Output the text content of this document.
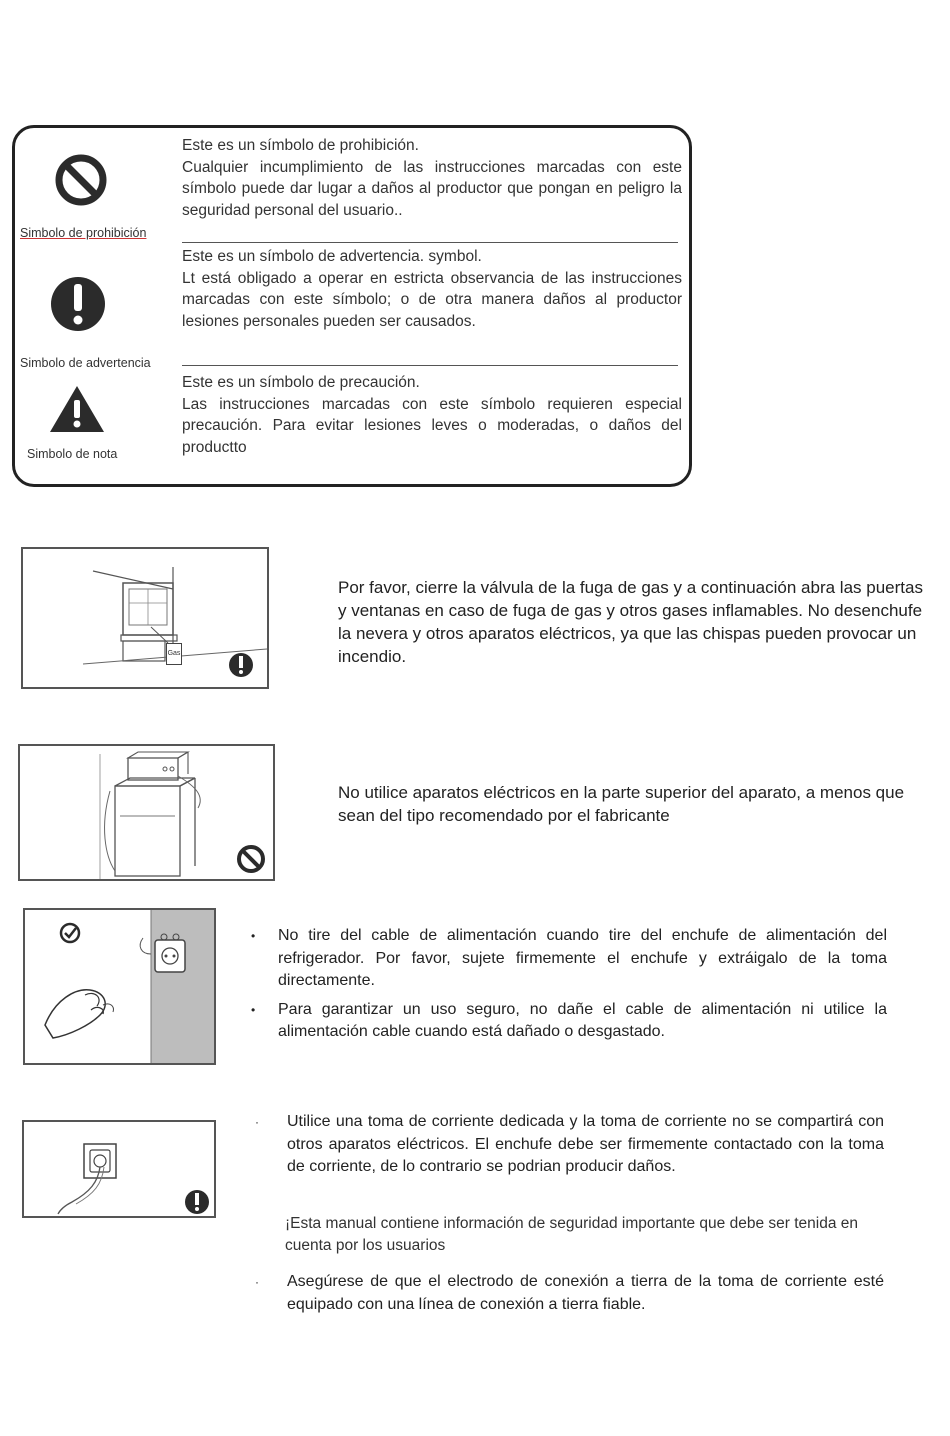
Simbolo de prohibición

Este es un símbolo de prohibición.

Cualquier incumplimiento de las instrucciones marcadas con este símbolo puede dar lugar a daños al productor que pongan en peligro la seguridad personal del usuario..

Simbolo de advertencia

Este es un símbolo de advertencia. symbol.

Lt está obligado a operar en estricta observancia de las instrucciones marcadas con este símbolo; o de otra manera daños al productor lesiones personales pueden ser causados.

Simbolo de nota

Este es un símbolo de precaución.

Las instrucciones marcadas con este símbolo requieren especial precaución. Para evitar lesiones leves o moderadas, o daños del productto

Gas

Por favor, cierre la válvula de la fuga de gas y a continuación abra las puertas y ventanas en caso de fuga de gas y otros gases inflamables. No desenchufe la nevera y otros aparatos eléctricos, ya que las chispas pueden provocar un incendio.

No utilice aparatos eléctricos en la parte superior del aparato, a menos que sean del tipo recomendado por el fabricante

• No tire del cable de alimentación cuando tire del enchufe de alimentación del refrigerador. Por favor, sujete firmemente el enchufe y extráigalo de la toma directamente.
• Para garantizar un uso seguro, no dañe el cable de alimentación ni utilice la alimentación cable cuando está dañado o desgastado.
· Utilice una toma de corriente dedicada y la toma de corriente no se compartirá con otros aparatos eléctricos. El enchufe debe ser firmemente contactado con la toma de corriente, de lo contrario se podrian producir daños.
¡Esta manual contiene información de seguridad importante que debe ser tenida en cuenta por los usuarios
· Asegúrese de que el electrodo de conexión a tierra de la toma de corriente esté equipado con una línea de conexión a tierra fiable.
